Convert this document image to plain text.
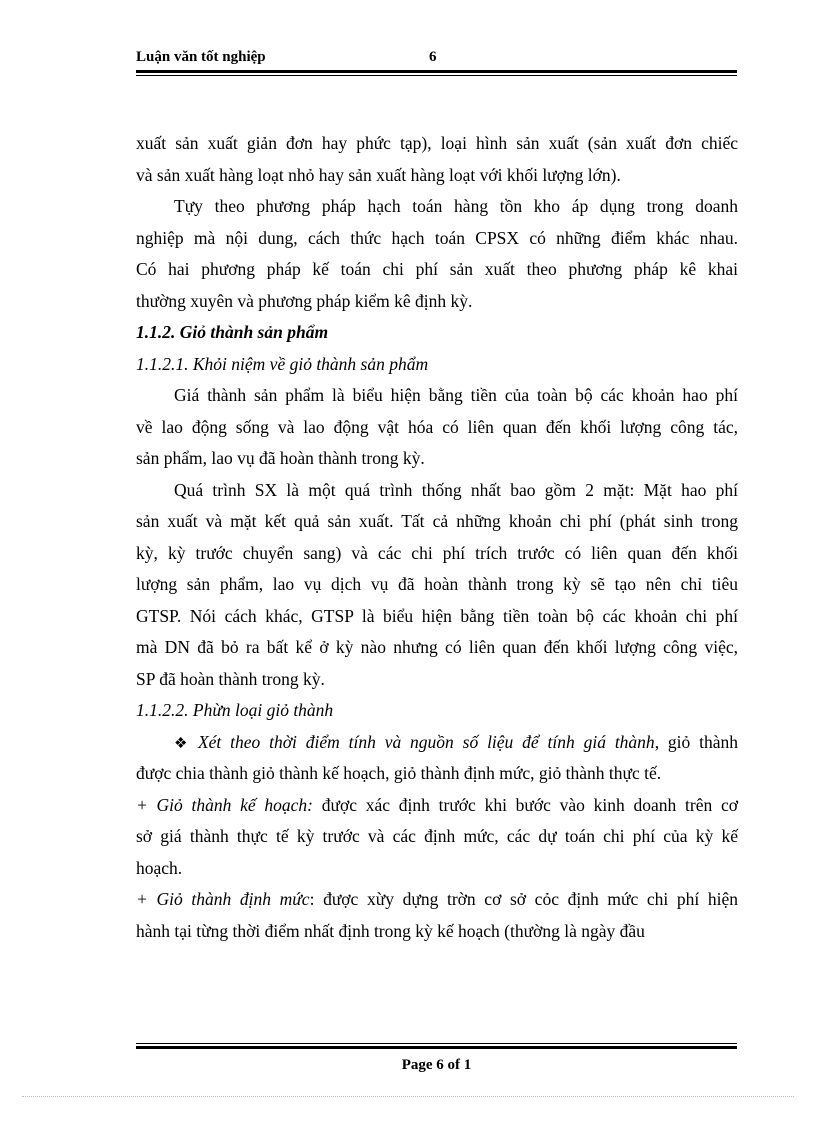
Luận văn tốt nghiệp	6
xuất sản xuất giản đơn hay phức tạp), loại hình sản xuất (sản xuất đơn chiếc
và sản xuất hàng loạt nhỏ hay sản xuất hàng loạt với khối lượng lớn).
Tựy theo phương pháp hạch toán hàng tồn kho áp dụng trong doanh
nghiệp mà nội dung, cách thức hạch toán CPSX có những điểm khác nhau.
Có hai phương pháp kế toán chi phí sản xuất theo phương pháp kê khai
thường xuyên và phương pháp kiểm kê định kỳ.
1.1.2. Giỏ thành sản phẩm
1.1.2.1. Khỏi niệm về giỏ thành sản phẩm
Giá thành sản phẩm là biểu hiện bằng tiền của toàn bộ các khoản hao phí
về lao động sống và lao động vật hóa có liên quan đến khối lượng công tác,
sản phẩm, lao vụ đã hoàn thành trong kỳ.
Quá trình SX là một quá trình thống nhất bao gồm 2 mặt: Mặt hao phí
sản xuất và mặt kết quả sản xuất. Tất cả những khoản chi phí (phát sinh trong
kỳ, kỳ trước chuyển sang) và các chi phí trích trước có liên quan đến khối
lượng sản phẩm, lao vụ dịch vụ đã hoàn thành trong kỳ sẽ tạo nên chỉ tiêu
GTSP. Nói cách khác, GTSP là biểu hiện bằng tiền toàn bộ các khoản chi phí
mà DN đã bỏ ra bất kể ở kỳ nào nhưng có liên quan đến khối lượng công việc,
SP đã hoàn thành trong kỳ.
1.1.2.2. Phừn loại giỏ thành
❖ Xét theo thời điểm tính và nguồn số liệu để tính giá thành, giỏ thành
được chia thành giỏ thành kế hoạch, giỏ thành định mức, giỏ thành thực tế.
+ Giỏ thành kế hoạch: được xác định trước khi bước vào kinh doanh trên cơ
sở giá thành thực tế kỳ trước và các định mức, các dự toán chi phí của kỳ kế
hoạch.
+ Giỏ thành định mức: được xừy dựng trờn cơ sở cỏc định mức chi phí hiện
hành tại từng thời điểm nhất định trong kỳ kế hoạch (thường là ngày đầu
Page 6 of 1
